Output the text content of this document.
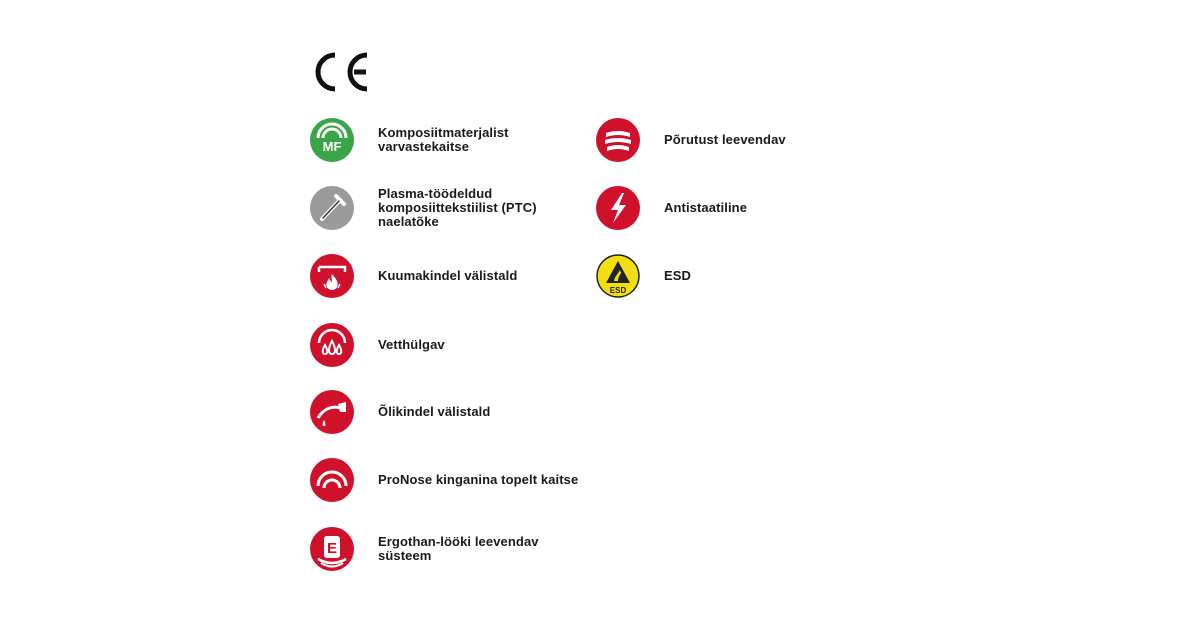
MF
Komposiitmaterjalist
varvastekaitse
Plasma-töödeldud
komposiittekstiilist (PTC)
naelatõke
Kuumakindel välistald
Vetthülgav
Õlikindel välistald
ProNose kinganina topelt kaitse
E	Ergothan-lööki leevendav
süsteem
Põrutust leevendav
Antistaatiline
ESD
ESD
